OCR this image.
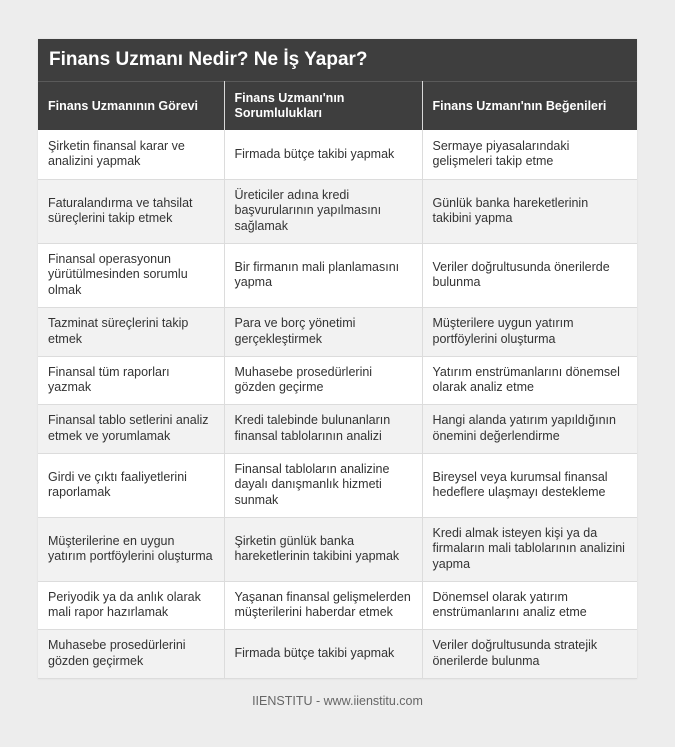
Finans Uzmanı Nedir? Ne İş Yapar?
Finans Uzmanının Görevi	Finans Uzmanı'nın Sorumlulukları	Finans Uzmanı'nın Beğenileri
Şirketin finansal karar ve analizini yapmak	Firmada bütçe takibi yapmak	Sermaye piyasalarındaki gelişmeleri takip etme
Faturalandırma ve tahsilat süreçlerini takip etmek	Üreticiler adına kredi başvurularının yapılmasını sağlamak	Günlük banka hareketlerinin takibini yapma
Finansal operasyonun yürütülmesinden sorumlu olmak	Bir firmanın mali planlamasını yapma	Veriler doğrultusunda önerilerde bulunma
Tazminat süreçlerini takip etmek	Para ve borç yönetimi gerçekleştirmek	Müşterilere uygun yatırım portföylerini oluşturma
Finansal tüm raporları yazmak	Muhasebe prosedürlerini gözden geçirme	Yatırım enstrümanlarını dönemsel olarak analiz etme
Finansal tablo setlerini analiz etmek ve yorumlamak	Kredi talebinde bulunanların finansal tablolarının analizi	Hangi alanda yatırım yapıldığının önemini değerlendirme
Girdi ve çıktı faaliyetlerini raporlamak	Finansal tabloların analizine dayalı danışmanlık hizmeti sunmak	Bireysel veya kurumsal finansal hedeflere ulaşmayı destekleme
Müşterilerine en uygun yatırım portföylerini oluşturma	Şirketin günlük banka hareketlerinin takibini yapmak	Kredi almak isteyen kişi ya da firmaların mali tablolarının analizini yapma
Periyodik ya da anlık olarak mali rapor hazırlamak	Yaşanan finansal gelişmelerden müşterilerini haberdar etmek	Dönemsel olarak yatırım enstrümanlarını analiz etme
Muhasebe prosedürlerini gözden geçirmek	Firmada bütçe takibi yapmak	Veriler doğrultusunda stratejik önerilerde bulunma
IIENSTITU - www.iienstitu.com
